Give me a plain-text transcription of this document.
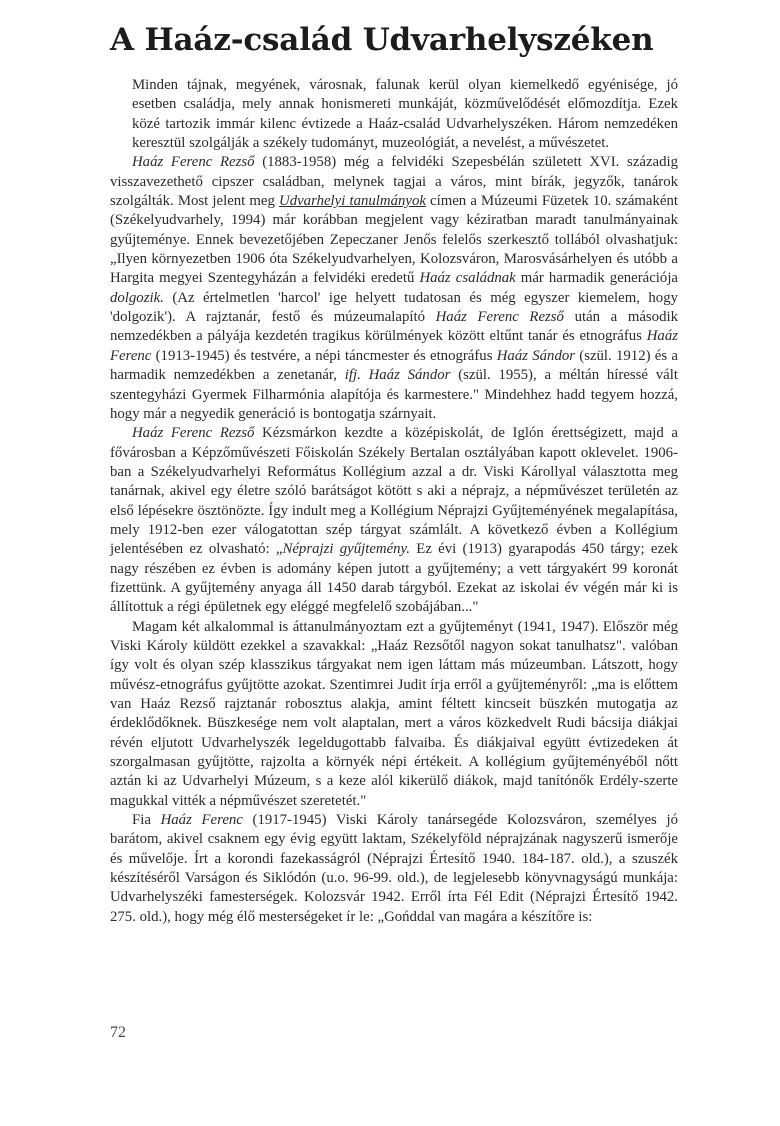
A Haáz-család Udvarhelyszéken

Minden tájnak, megyének, városnak, falunak kerül olyan kiemelkedő egyénisége, jó esetben családja, mely annak honismereti munkáját, közművelődését előmozdítja. Ezek közé tartozik immár kilenc évtizede a Haáz-család Udvarhelyszéken. Három nemzedéken keresztül szolgálják a székely tudományt, muzeológiát, a nevelést, a művészetet.

Haáz Ferenc Rezső (1883-1958) még a felvidéki Szepesbélán született XVI. századig visszavezethető cipszer családban, melynek tagjai a város, mint bírák, jegyzők, tanárok szolgálták. Most jelent meg Udvarhelyi tanulmányok címen a Múzeumi Füzetek 10. számaként (Székelyudvarhely, 1994) már korábban megjelent vagy kéziratban maradt tanulmányainak gyűjteménye. Ennek bevezetőjében Zepeczaner Jenős felelős szerkesztő tollából olvashatjuk: „Ilyen környezetben 1906 óta Székelyudvarhelyen, Kolozsváron, Marosvásárhelyen és utóbb a Hargita megyei Szentegyházán a felvidéki eredetű Haáz családnak már harmadik generációja dolgozik. (Az értelmetlen 'harcol' ige helyett tudatosan és még egyszer kiemelem, hogy 'dolgozik'). A rajztanár, festő és múzeumalapító Haáz Ferenc Rezső után a második nemzedékben a pályája kezdetén tragikus körülmények között eltűnt tanár és etnográfus Haáz Ferenc (1913-1945) és testvére, a népi táncmester és etnográfus Haáz Sándor (szül. 1912) és a harmadik nemzedékben a zenetanár, ifj. Haáz Sándor (szül. 1955), a méltán híressé vált szentegyházi Gyermek Filharmónia alapítója és karmestere." Mindehhez hadd tegyem hozzá, hogy már a negyedik generáció is bontogatja szárnyait.

Haáz Ferenc Rezső Kézsmárkon kezdte a középiskolát, de Iglón érettségizett, majd a fővárosban a Képzőművészeti Főiskolán Székely Bertalan osztályában kapott oklevelet. 1906-ban a Székelyudvarhelyi Református Kollégium azzal a dr. Viski Károllyal választotta meg tanárnak, akivel egy életre szóló barátságot kötött s aki a néprajz, a népművészet területén az első lépésekre ösztönözte. Így indult meg a Kollégium Néprajzi Gyűjteményének megalapítása, mely 1912-ben ezer válogatottan szép tárgyat számlált. A következő évben a Kollégium jelentésében ez olvasható: „Néprajzi gyűjtemény. Ez évi (1913) gyarapodás 450 tárgy; ezek nagy részében ez évben is adomány képen jutott a gyűjtemény; a vett tárgyakért 99 koronát fizettünk. A gyűjtemény anyaga áll 1450 darab tárgyból. Ezekat az iskolai év végén már ki is állítottuk a régi épületnek egy eléggé megfelelő szobájában..."

Magam két alkalommal is áttanulmányoztam ezt a gyűjteményt (1941, 1947). Először még Viski Károly küldött ezekkel a szavakkal: „Haáz Rezsőtől nagyon sokat tanulhatsz". valóban így volt és olyan szép klasszikus tárgyakat nem igen láttam más múzeumban. Látszott, hogy művész-etnográfus gyűjtötte azokat. Szentimrei Judit írja erről a gyűjteményről: „ma is előttem van Haáz Rezső rajztanár robosztus alakja, amint féltett kincseit büszkén mutogatja az érdeklődőknek. Büszkesége nem volt alaptalan, mert a város közkedvelt Rudi bácsija diákjai révén eljutott Udvarhelyszék legeldugottabb falvaiba. És diákjaival együtt évtizedeken át szorgalmasan gyűjtötte, rajzolta a környék népi értékeit. A kollégium gyűjteményéből nőtt aztán ki az Udvarhelyi Múzeum, s a keze alól kikerülő diákok, majd tanítónők Erdély-szerte magukkal vitték a népművészet szeretetét."

Fia Haáz Ferenc (1917-1945) Viski Károly tanársegéde Kolozsváron, személyes jó barátom, akivel csaknem egy évig együtt laktam, Székelyföld néprajzának nagyszerű ismerője és művelője. Írt a korondi fazekasságról (Néprajzi Értesítő 1940. 184-187. old.), a szuszék készítéséről Varságon és Siklódón (u.o. 96-99. old.), de legjelesebb könyvnagyságú munkája: Udvarhelyszéki famesterségek. Kolozsvár 1942. Erről írta Fél Edit (Néprajzi Értesítő 1942. 275. old.), hogy még élő mesterségeket ír le: „Gońddal van magára a készítőre is:

72
